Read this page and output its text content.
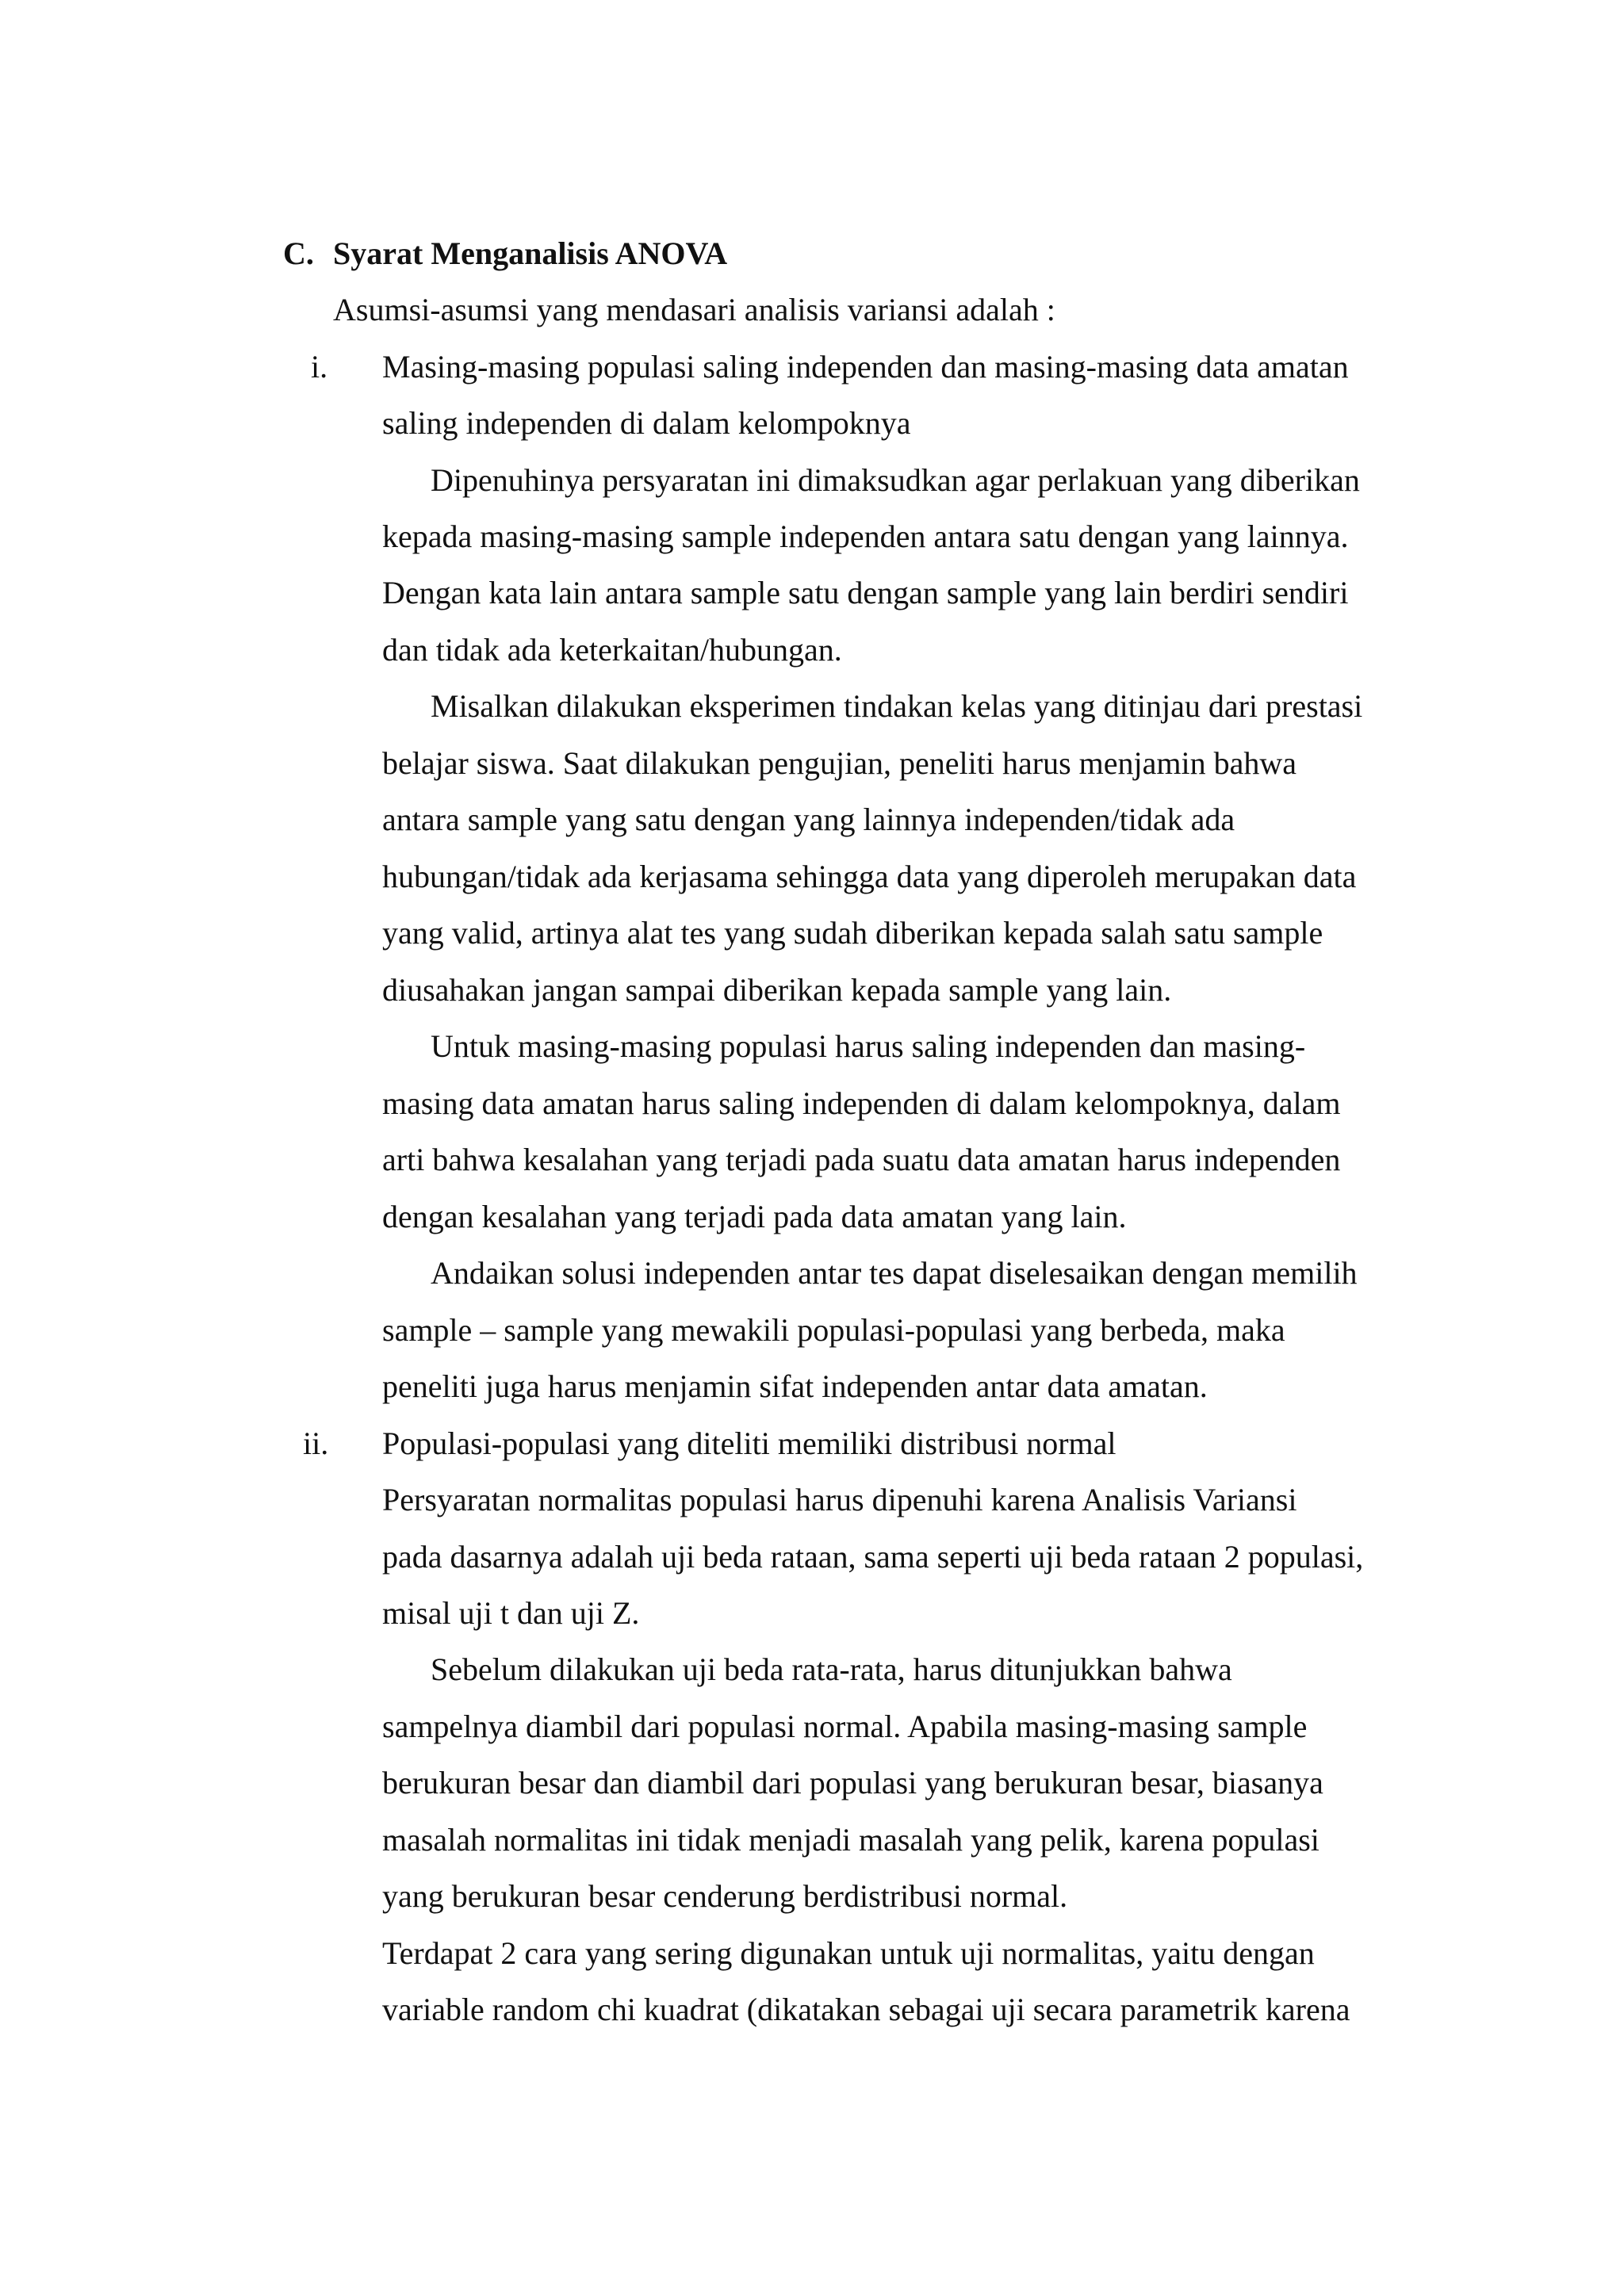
C. Syarat Menganalisis ANOVA
Asumsi-asumsi yang mendasari analisis variansi adalah :
i. Masing-masing populasi saling independen dan masing-masing data amatan
saling independen di dalam kelompoknya
Dipenuhinya persyaratan ini dimaksudkan agar perlakuan yang diberikan
kepada masing-masing sample independen antara satu dengan yang lainnya.
Dengan kata lain antara sample satu dengan sample yang lain berdiri sendiri
dan tidak ada keterkaitan/hubungan.
Misalkan dilakukan eksperimen tindakan kelas yang ditinjau dari prestasi
belajar siswa. Saat dilakukan pengujian, peneliti harus menjamin bahwa
antara sample yang satu dengan yang lainnya independen/tidak ada
hubungan/tidak ada kerjasama sehingga data yang diperoleh merupakan data
yang valid, artinya alat tes yang sudah diberikan kepada salah satu sample
diusahakan jangan sampai diberikan kepada sample yang lain.
Untuk masing-masing populasi harus saling independen dan masing-
masing data amatan harus saling independen di dalam kelompoknya, dalam
arti bahwa kesalahan yang terjadi pada suatu data amatan harus independen
dengan kesalahan yang terjadi pada data amatan yang lain.
Andaikan solusi independen antar tes dapat diselesaikan dengan memilih
sample – sample yang mewakili populasi-populasi yang berbeda, maka
peneliti juga harus menjamin sifat independen antar data amatan.
ii. Populasi-populasi yang diteliti memiliki distribusi normal
Persyaratan normalitas populasi harus dipenuhi karena Analisis Variansi
pada dasarnya adalah uji beda rataan, sama seperti uji beda rataan 2 populasi,
misal uji t dan uji Z.
Sebelum dilakukan uji beda rata-rata, harus ditunjukkan bahwa
sampelnya diambil dari populasi normal. Apabila masing-masing sample
berukuran besar dan diambil dari populasi yang berukuran besar, biasanya
masalah normalitas ini tidak menjadi masalah yang pelik, karena populasi
yang berukuran besar cenderung berdistribusi normal.
Terdapat 2 cara yang sering digunakan untuk uji normalitas, yaitu dengan
variable random chi kuadrat (dikatakan sebagai uji secara parametrik karena
